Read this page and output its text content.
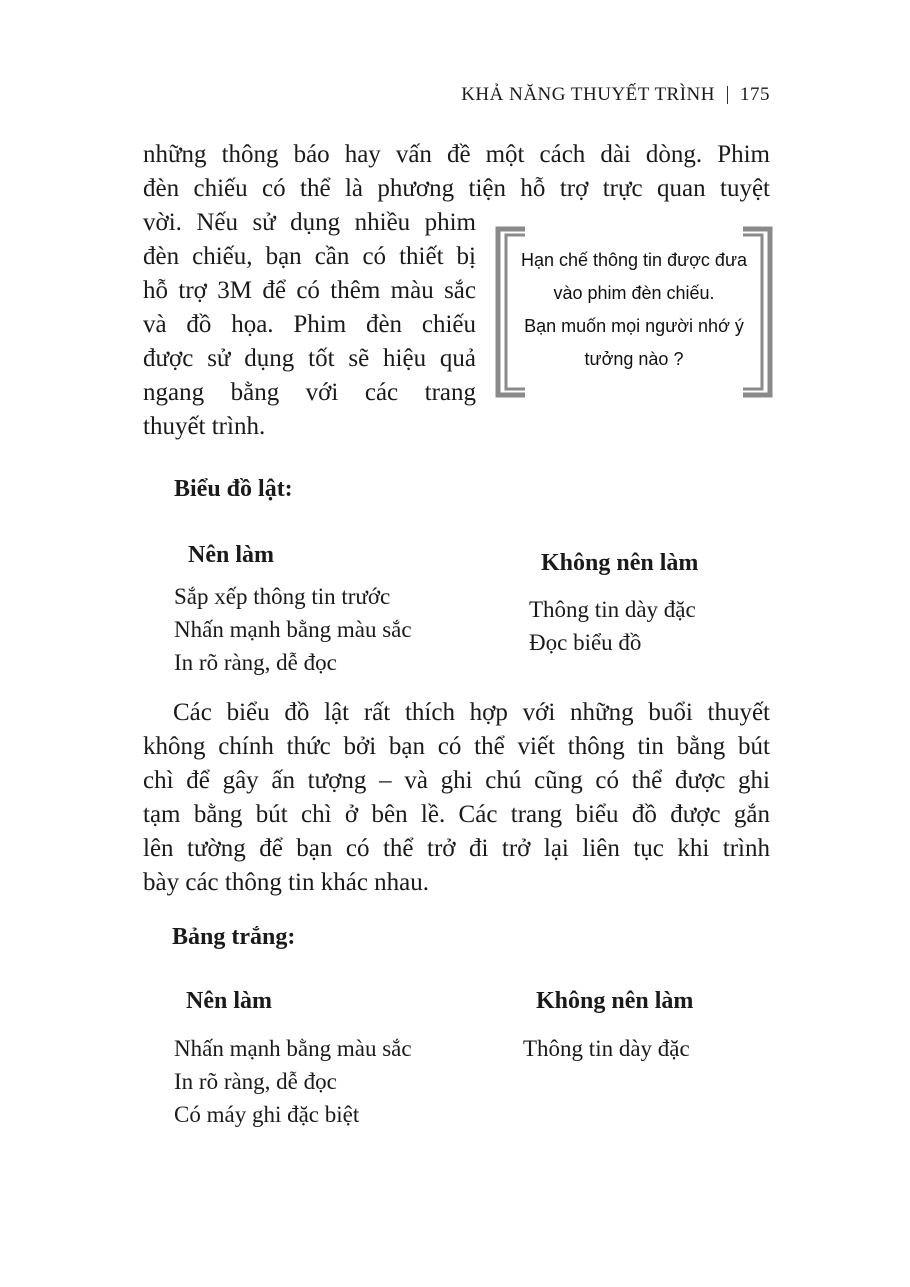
KHẢ NĂNG THUYẾT TRÌNH 175
những thông báo hay vấn đề một cách dài dòng. Phim
đèn chiếu có thể là phương tiện hỗ trợ trực quan tuyệt
vời. Nếu sử dụng nhiều phim
đèn chiếu, bạn cần có thiết bị
hỗ trợ 3M để có thêm màu sắc
và đồ họa. Phim đèn chiếu
được sử dụng tốt sẽ hiệu quả
ngang bằng với các trang
thuyết trình.
Hạn chế thông tin được đưa
vào phim đèn chiếu.
Bạn muốn mọi người nhớ ý
tưởng nào ?
Biểu đồ lật:
Nên làm	Không nên làm
Sắp xếp thông tin trước
Nhấn mạnh bằng màu sắc
In rõ ràng, dễ đọc
Thông tin dày đặc
Đọc biểu đồ
Các biểu đồ lật rất thích hợp với những buổi thuyết
không chính thức bởi bạn có thể viết thông tin bằng bút
chì để gây ấn tượng – và ghi chú cũng có thể được ghi
tạm bằng bút chì ở bên lề. Các trang biểu đồ được gắn
lên tường để bạn có thể trở đi trở lại liên tục khi trình
bày các thông tin khác nhau.
Bảng trắng:
Nên làm	Không nên làm
Nhấn mạnh bằng màu sắc
In rõ ràng, dễ đọc
Có máy ghi đặc biệt
Thông tin dày đặc
